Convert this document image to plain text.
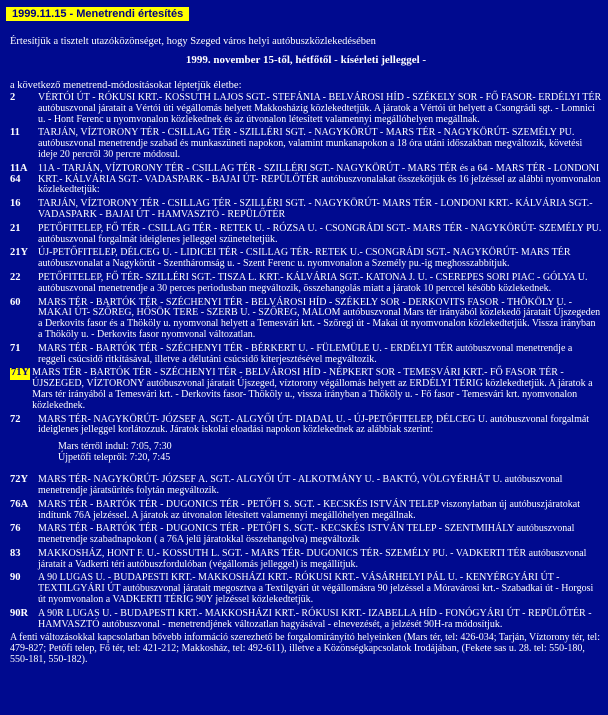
1999.11.15 - Menetrendi értesítés
Értesítjük a tisztelt utazóközönséget, hogy Szeged város helyi autóbuszközlekedésében
1999. november 15-től, hétfőtől - kísérleti jelleggel -
a következő menetrend-módosításokat léptetjük életbe:
2	VÉRTÓI ÚT - RÓKUSI KRT.- KOSSUTH LAJOS SGT.- STEFÁNIA - BELVÁROSI HÍD - SZÉKELY SOR - FŐ FASOR- ERDÉLYI TÉR autóbuszvonal járatait a Vértói úti végállomás helyett Makkosházig közlekedtetjük. A járatok a Vértói út helyett a Csongrádi sgt. - Lomnici u. - Hont Ferenc u nyomvonalon közlekednek és az útvonalon létesített valamennyi megállóhelyen megállnak.
11	TARJÁN, VÍZTORONY TÉR - CSILLAG TÉR - SZILLÉRI SGT. - NAGYKÖRÚT - MARS TÉR - NAGYKÖRÚT- SZEMÉLY PU. autóbuszvonal menetrendje szabad és munkaszüneti napokon, valamint munkanapokon a 18 óra utáni időszakban megváltozik, követési ideje 20 percről 30 percre módosul.
11A
64
11A - TARJÁN, VÍZTORONY TÉR - CSILLAG TÉR - SZILLÉRI SGT.- NAGYKÖRÚT - MARS TÉR és a 64 - MARS TÉR - LONDONI KRT.- KÁLVÁRIA SGT.- VADASPARK - BAJAI ÚT- REPÜLŐTÉR autóbuszvonalakat összekötjük és 16 jelzéssel az alábbi nyomvonalon közlekedtetjük:
16	TARJÁN, VÍZTORONY TÉR - CSILLAG TÉR - SZILLÉRI SGT. - NAGYKÖRÚT- MARS TÉR - LONDONI KRT.- KÁLVÁRIA SGT.- VADASPARK - BAJAI ÚT - HAMVASZTÓ - REPÜLŐTÉR
21	PETŐFITELEP, FŐ TÉR - CSILLAG TÉR - RETEK U. - RÓZSA U. - CSONGRÁDI SGT.- MARS TÉR - NAGYKÖRÚT- SZEMÉLY PU. autóbuszvonal forgalmát ideiglenes jelleggel szüneteltetjük.
21Y ÚJ-PETŐFITELEP, DÉLCEG U. - LIDICEI TÉR - CSILLAG TÉR- RETEK U.- CSONGRÁDI SGT.- NAGYKÖRÚT- MARS TÉR autóbuszvonalat a Nagykörút - Szentháromság u. - Szent Ferenc u. nyomvonalon a Személy pu.-ig meghosszabbítjuk.
22	PETŐFITELEP, FŐ TÉR- SZILLÉRI SGT.- TISZA L. KRT.- KÁLVÁRIA SGT.- KATONA J. U. - CSEREPES SORI PIAC - GÓLYA U. autóbuszvonal menetrendje a 30 perces periodusban megváltozik, összehangolás miatt a járatok 10 perccel később közlekednek.
60	MARS TÉR - BARTÓK TÉR - SZÉCHENYI TÉR - BELVÁROSI HÍD - SZÉKELY SOR - DERKOVITS FASOR - THÖKÖLY U. - MAKAI ÚT- SZŐREG, HŐSÖK TERE - SZERB U. - SZŐREG, MALOM autóbuszvonal Mars tér irányából közlekedő járatait Újszegeden a Derkovits fasor és a Thököly u. nyomvonal helyett a Temesvári krt. - Szőregi út - Makai út nyomvonalon közlekedtetjük. Vissza irányban a Thököly u. - Derkovits fasor nyomvonal változatlan.
71	MARS TÉR - BARTÓK TÉR - SZÉCHENYI TÉR - BÉRKERT U. - FÜLEMÜLE U. - ERDÉLYI TÉR autóbuszvonal menetrendje a reggeli csúcsidő ritkításával, illetve a délutáni csúcsidő kiterjesztésével megváltozik.
71Y MARS TÉR - BARTÓK TÉR - SZÉCHENYI TÉR - BELVÁROSI HÍD - NÉPKERT SOR - TEMESVÁRI KRT.- FŐ FASOR TÉR - ÚJSZEGED, VÍZTORONY autóbuszvonal járatait Újszeged, víztorony végállomás helyett az ERDÉLYI TÉRIG közlekedtetjük. A járatok a Mars tér irányából a Temesvári krt. - Derkovits fasor- Thököly u., vissza irányban a Thököly u. - Fő fasor - Temesvári krt. nyomvonalon közlekednek.
72	MARS TÉR- NAGYKÖRÚT- JÓZSEF A. SGT.- ALGYŐI ÚT- DIADAL U. - ÚJ-PETŐFITELEP, DÉLCEG U. autóbuszvonal forgalmát ideiglenes jelleggel korlátozzuk. Járatok iskolai eloadási napokon közlekednek az alábbiak szerint:
Mars térről indul: 7:05, 7:30
Újpetőfi telepről: 7:20, 7:45
72Y MARS TÉR- NAGYKÖRÚT- JÓZSEF A. SGT.- ALGYŐI ÚT - ALKOTMÁNY U. - BAKTÓ, VÖLGYÉRHÁT U. autóbuszvonal menetrendje járatsűrítés folytán megváltozik.
76A MARS TÉR - BARTÓK TÉR - DUGONICS TÉR - PETŐFI S. SGT. - KECSKÉS ISTVÁN TELEP viszonylatban új autóbuszjáratokat indítunk 76A jelzéssel. A járatok az útvonalon létesített valamennyi megállóhelyen megállnak.
76	MARS TÉR - BARTÓK TÉR - DUGONICS TÉR - PETŐFI S. SGT.- KECSKÉS ISTVÁN TELEP - SZENTMIHÁLY autóbuszvonal menetrendje szabadnapokon ( a 76A jelű járatokkal összehangolva) megváltozik
83	MAKKOSHÁZ, HONT F. U.- KOSSUTH L. SGT. - MARS TÉR- DUGONICS TÉR- SZEMÉLY PU. - VADKERTI TÉR autóbuszvonal járatait a Vadkerti téri autóbuszfordulóban (végállomás jelleggel) is megállítjuk.
90	A 90 LUGAS U. - BUDAPESTI KRT.- MAKKOSHÁZI KRT.- RÓKUSI KRT.- VÁSÁRHELYI PÁL U. - KENYÉRGYÁRI ÚT - TEXTILGYÁRI ÚT autóbuszvonal járatait megosztva a Textilgyári út végállomásra 90 jelzéssel a Móravárosi krt.- Szabadkai út - Horgosi út nyomvonalon a VADKERTI TÉRIG 90Y jelzéssel közlekedtetjük.
90R A 90R LUGAS U. - BUDAPESTI KRT.- MAKKOSHÁZI KRT.- RÓKUSI KRT.- IZABELLA HÍD - FONÓGYÁRI ÚT - REPÜLŐTÉR - HAMVASZTÓ autóbuszvonal - menetrendjének változatlan hagyásával - elnevezését, a jelzését 90H-ra módosítjuk.
A fenti változásokkal kapcsolatban bővebb információ szerezhető be forgalomirányító helyeinken (Mars tér, tel: 426-034; Tarján, Víztorony tér, tel: 479-827; Petőfi telep, Fő tér, tel: 421-212; Makkosház, tel: 492-611), illetve a Közönségkapcsolatok Irodájában, (Fekete sas u. 28. tel: 550-180, 550-181, 550-182).
